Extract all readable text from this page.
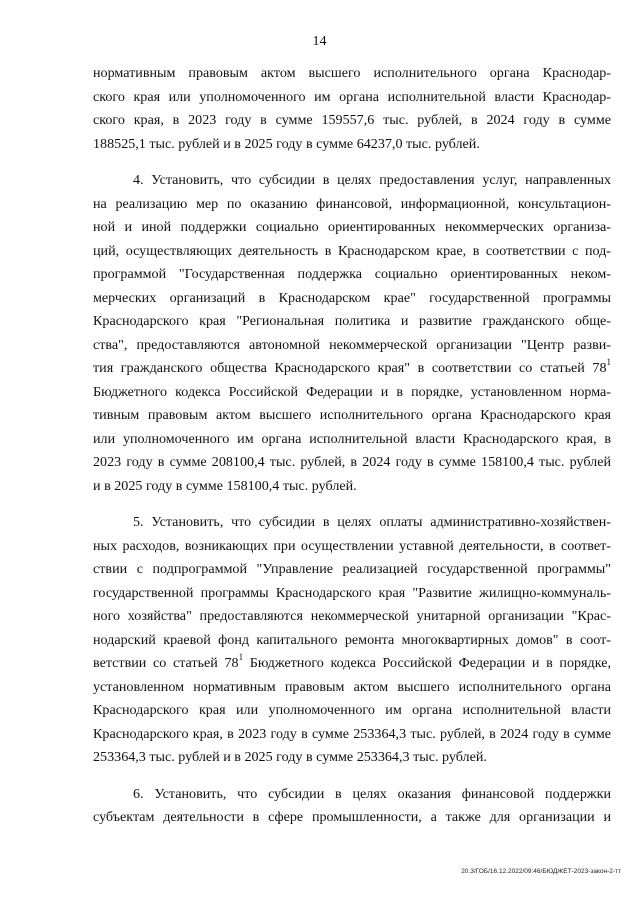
14
нормативным правовым актом высшего исполнительного органа Краснодар-
ского края или уполномоченного им органа исполнительной власти Краснодар-
ского края, в 2023 году в сумме 159557,6 тыс. рублей, в 2024 году в сумме
188525,1 тыс. рублей и в 2025 году в сумме 64237,0 тыс. рублей.
4. Установить, что субсидии в целях предоставления услуг, направленных
на реализацию мер по оказанию финансовой, информационной, консультацион-
ной и иной поддержки социально ориентированных некоммерческих организа-
ций, осуществляющих деятельность в Краснодарском крае, в соответствии с под-
программой "Государственная поддержка социально ориентированных неком-
мерческих организаций в Краснодарском крае" государственной программы
Краснодарского края "Региональная политика и развитие гражданского обще-
ства", предоставляются автономной некоммерческой организации "Центр разви-
тия гражданского общества Краснодарского края" в соответствии со статьей $78^1$
Бюджетного кодекса Российской Федерации и в порядке, установленном норма-
тивным правовым актом высшего исполнительного органа Краснодарского края
или уполномоченного им органа исполнительной власти Краснодарского края, в
2023 году в сумме 208100,4 тыс. рублей, в 2024 году в сумме 158100,4 тыс. рублей
и в 2025 году в сумме 158100,4 тыс. рублей.
5. Установить, что субсидии в целях оплаты административно-хозяйствен-
ных расходов, возникающих при осуществлении уставной деятельности, в соответ-
ствии с подпрограммой "Управление реализацией государственной программы"
государственной программы Краснодарского края "Развитие жилищно-коммуналь-
ного хозяйства" предоставляются некоммерческой унитарной организации "Крас-
нодарский краевой фонд капитального ремонта многоквартирных домов" в соот-
ветствии со статьей $78^1$ Бюджетного кодекса Российской Федерации и в порядке,
установленном нормативным правовым актом высшего исполнительного органа
Краснодарского края или уполномоченного им органа исполнительной власти
Краснодарского края, в 2023 году в сумме 253364,3 тыс. рублей, в 2024 году в сумме
253364,3 тыс. рублей и в 2025 году в сумме 253364,3 тыс. рублей.
6. Установить, что субсидии в целях оказания финансовой поддержки
субъектам деятельности в сфере промышленности, а также для организации и
20.3/ГОБ/16.12.2022/09:46/БЮДЖЕТ-2023-закон-2-тт
